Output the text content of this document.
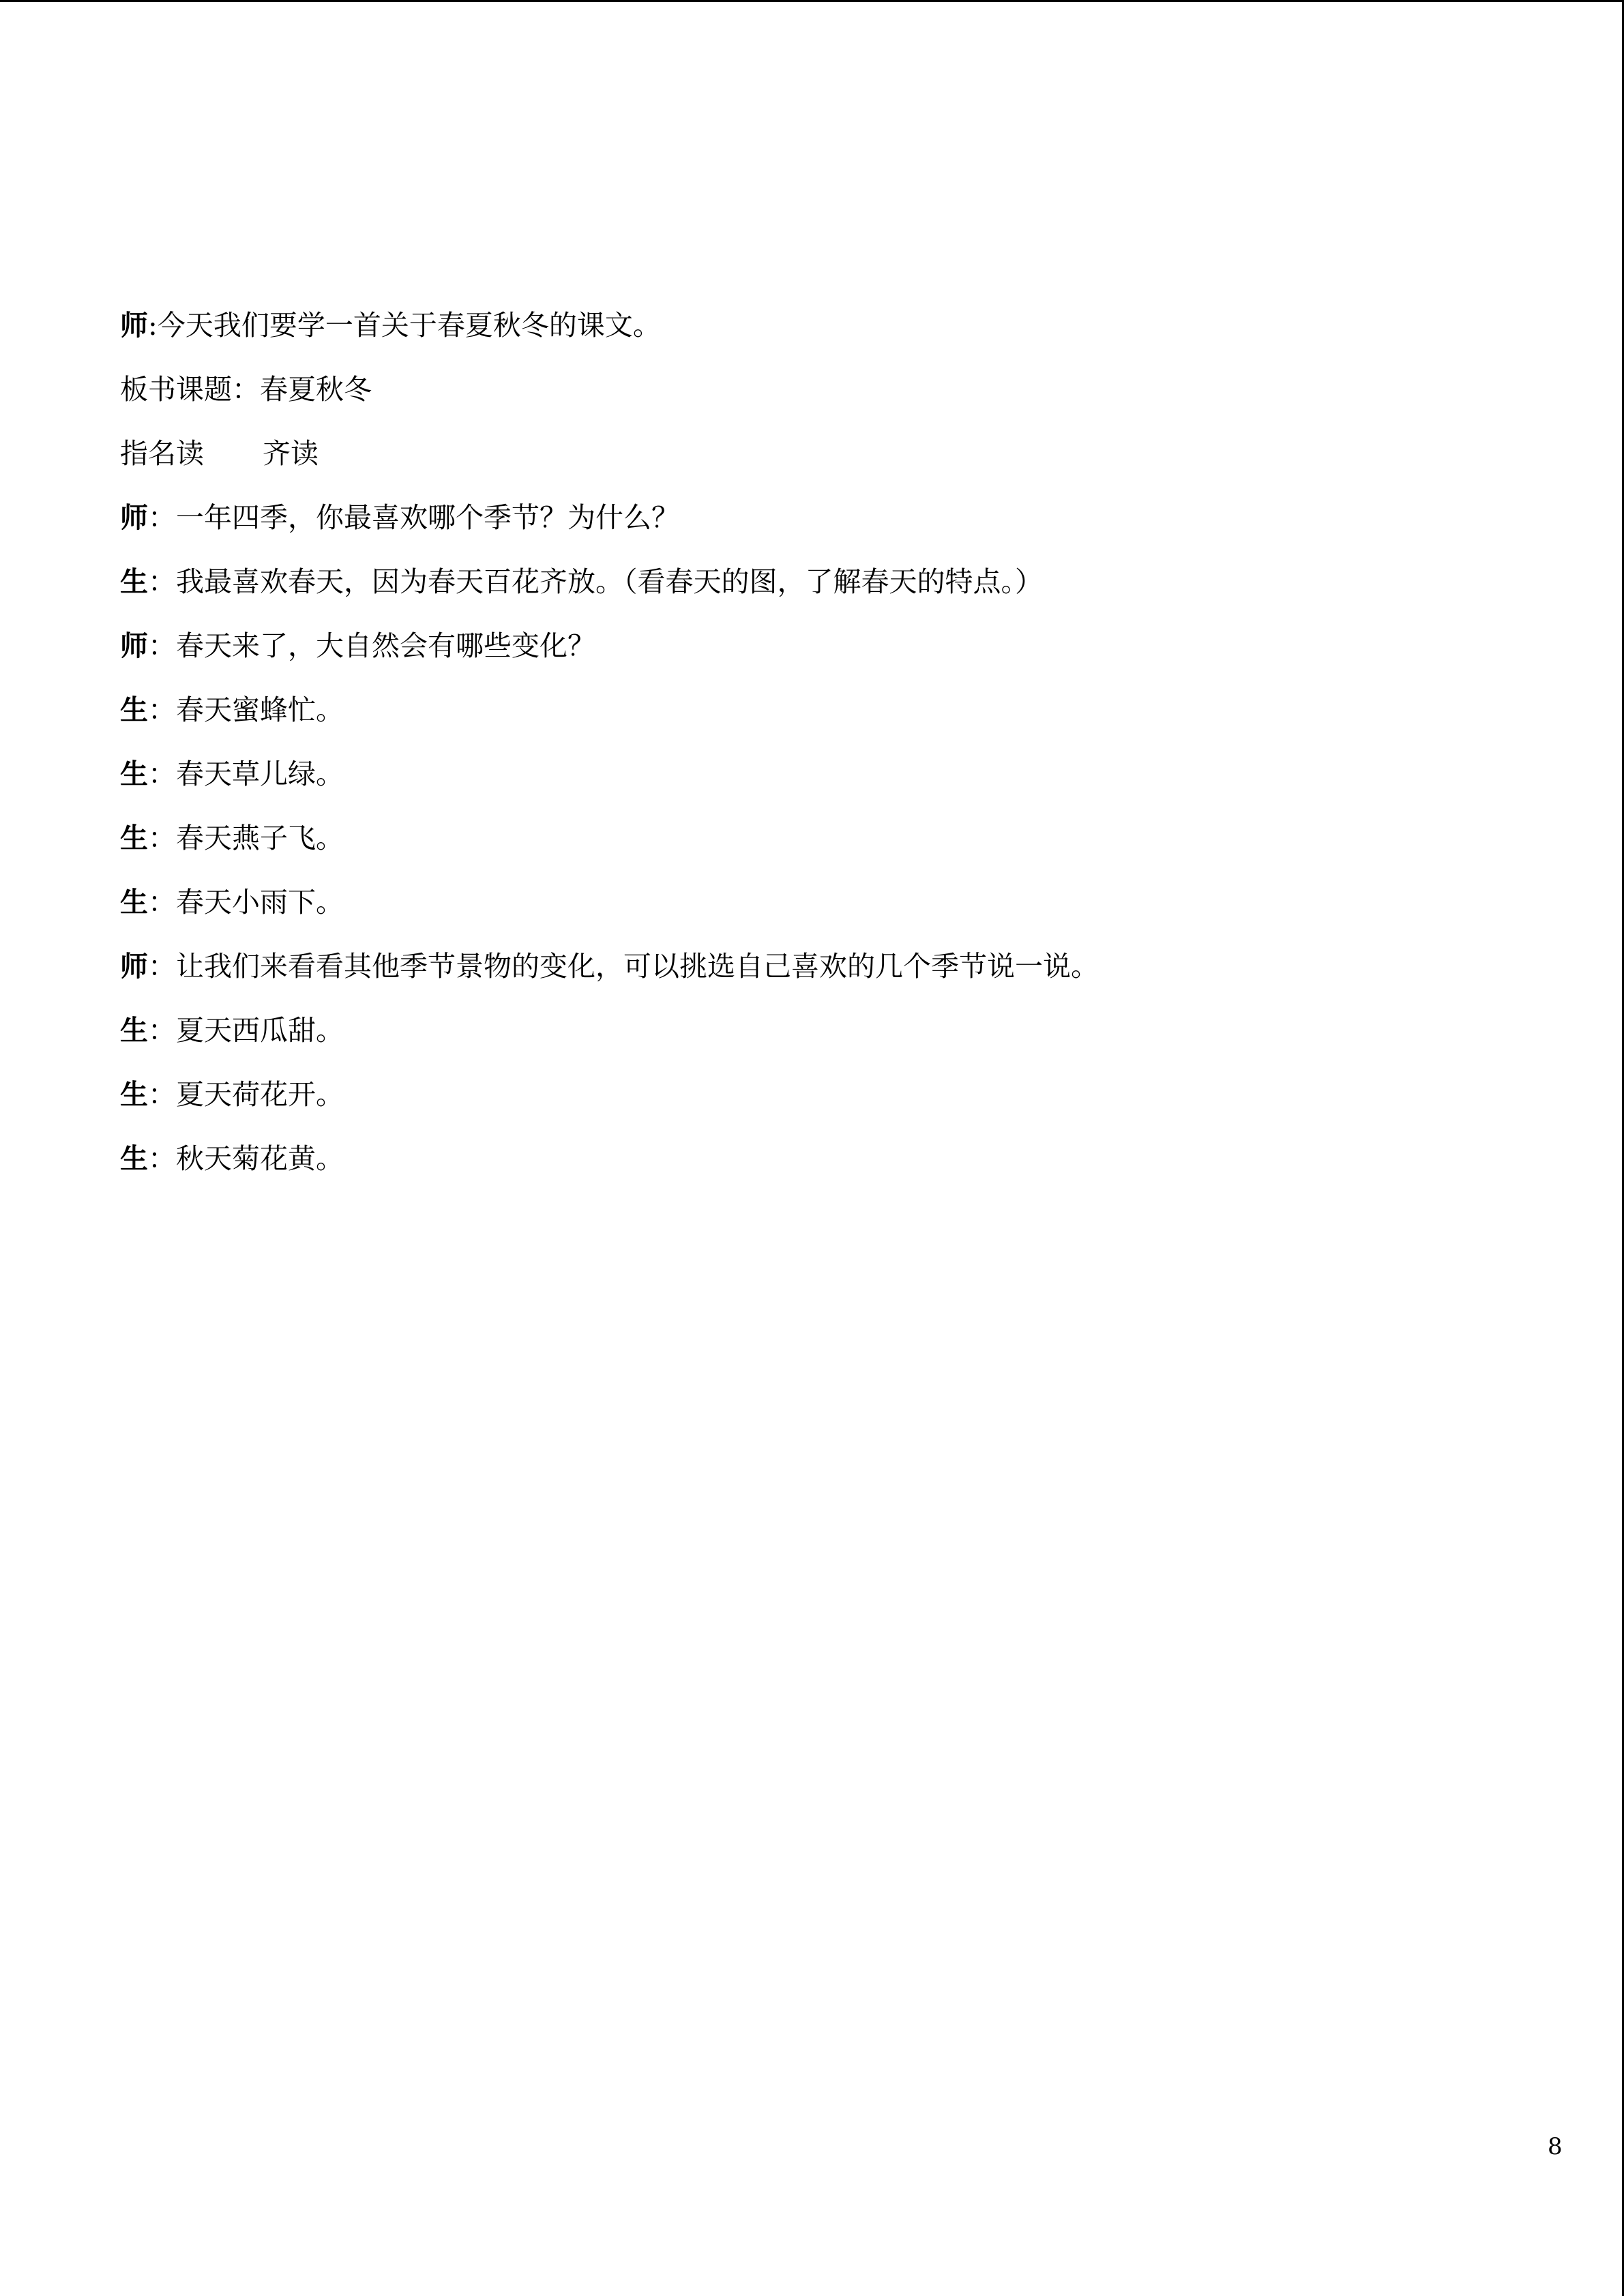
师:今天我们要学一首关于春夏秋冬的课文。
板书课题：春夏秋冬
指名读 齐读
师：一年四季，你最喜欢哪个季节？为什么？
生：我最喜欢春天，因为春天百花齐放。（看春天的图，了解春天的特点。）
师：春天来了，大自然会有哪些变化？
生：春天蜜蜂忙。
生：春天草儿绿。
生：春天燕子飞。
生：春天小雨下。
师：让我们来看看其他季节景物的变化，可以挑选自己喜欢的几个季节说一说。
生：夏天西瓜甜。
生：夏天荷花开。
生：秋天菊花黄。
8
